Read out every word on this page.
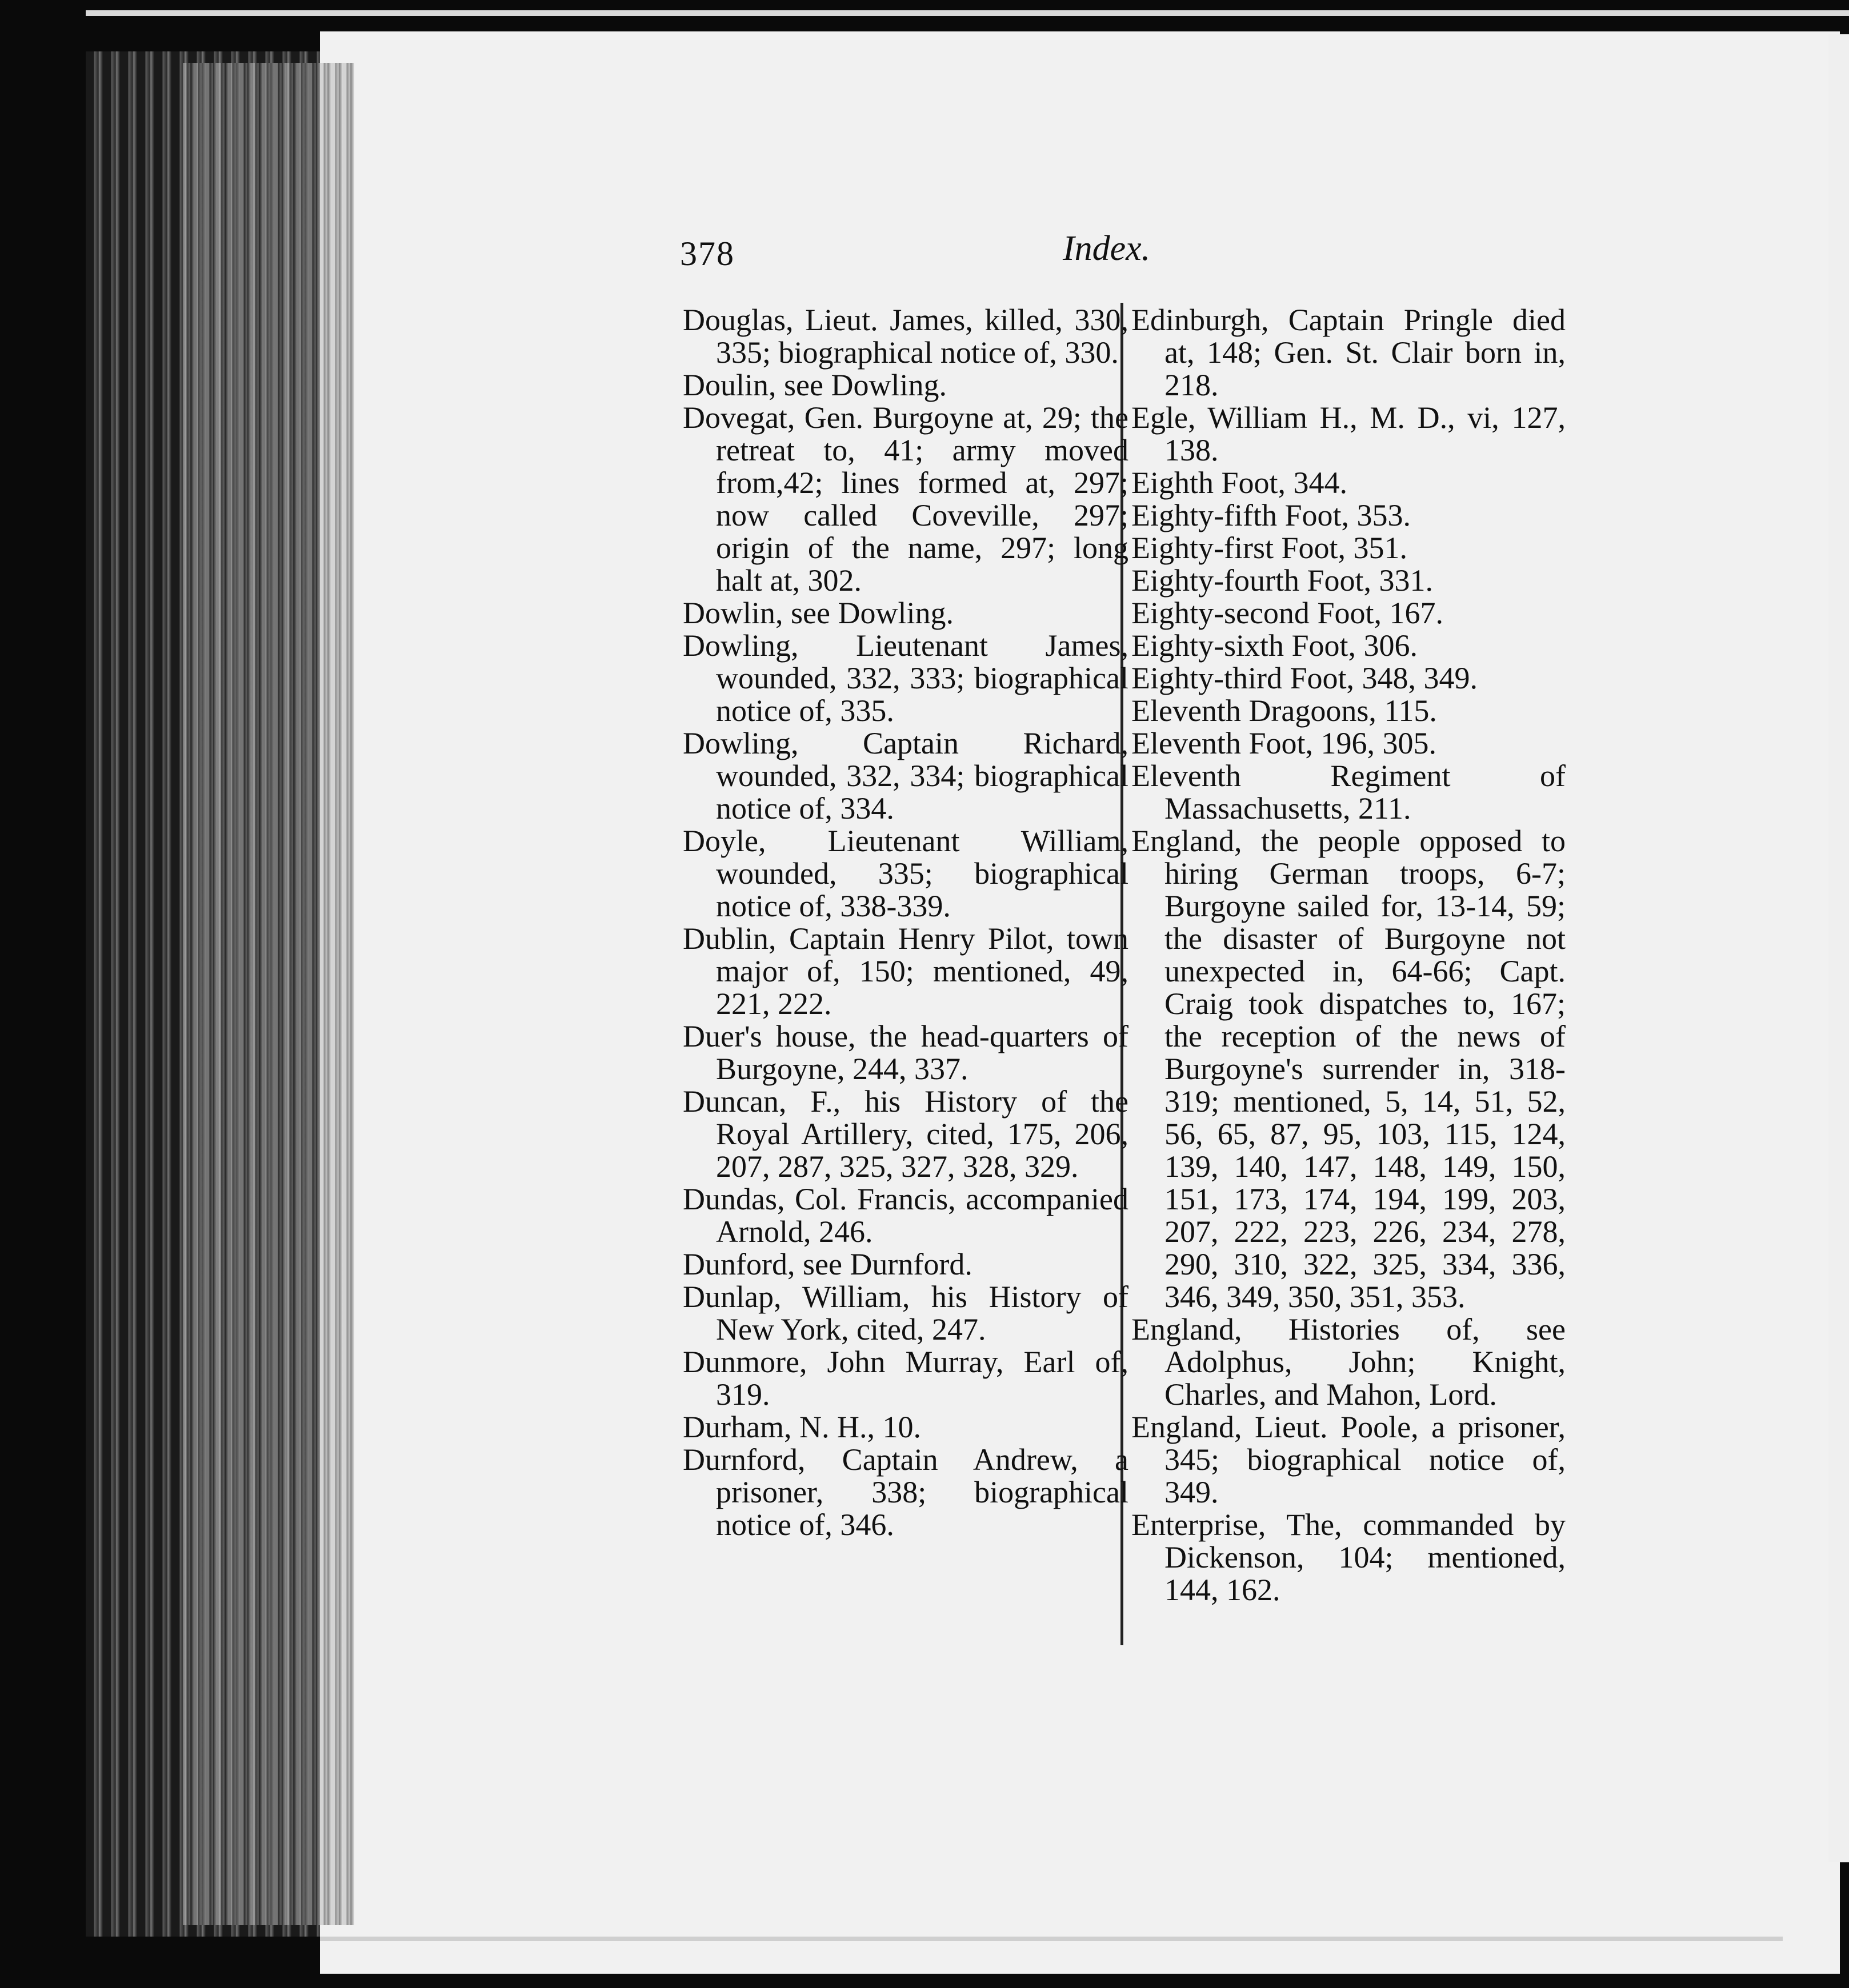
378	Index.

Douglas, Lieut. James, killed, 330, 335; biographical notice of, 330.

Doulin, see Dowling.

Dovegat, Gen. Burgoyne at, 29; the retreat to, 41; army moved from,42; lines formed at, 297; now called Coveville, 297; origin of the name, 297; long halt at, 302.

Dowlin, see Dowling.

Dowling, Lieutenant James, wounded, 332, 333; biographical notice of, 335.

Dowling, Captain Richard, wounded, 332, 334; biographical notice of, 334.

Doyle, Lieutenant William, wounded, 335; biographical notice of, 338-339.

Dublin, Captain Henry Pilot, town major of, 150; mentioned, 49, 221, 222.

Duer's house, the head-quarters of Burgoyne, 244, 337.

Duncan, F., his History of the Royal Artillery, cited, 175, 206, 207, 287, 325, 327, 328, 329.

Dundas, Col. Francis, accompanied Arnold, 246.

Dunford, see Durnford.

Dunlap, William, his History of New York, cited, 247.

Dunmore, John Murray, Earl of, 319.

Durham, N. H., 10.

Durnford, Captain Andrew, a prisoner, 338; biographical notice of, 346.

Edinburgh, Captain Pringle died at, 148; Gen. St. Clair born in, 218.

Egle, William H., M. D., vi, 127, 138.

Eighth Foot, 344.

Eighty-fifth Foot, 353.

Eighty-first Foot, 351.

Eighty-fourth Foot, 331.

Eighty-second Foot, 167.

Eighty-sixth Foot, 306.

Eighty-third Foot, 348, 349.

Eleventh Dragoons, 115.

Eleventh Foot, 196, 305.

Eleventh Regiment of Massachusetts, 211.

England, the people opposed to hiring German troops, 6-7; Burgoyne sailed for, 13-14, 59; the disaster of Burgoyne not unexpected in, 64-66; Capt. Craig took dispatches to, 167; the reception of the news of Burgoyne's surrender in, 318-319; mentioned, 5, 14, 51, 52, 56, 65, 87, 95, 103, 115, 124, 139, 140, 147, 148, 149, 150, 151, 173, 174, 194, 199, 203, 207, 222, 223, 226, 234, 278, 290, 310, 322, 325, 334, 336, 346, 349, 350, 351, 353.

England, Histories of, see Adolphus, John; Knight, Charles, and Mahon, Lord.

England, Lieut. Poole, a prisoner, 345; biographical notice of, 349.

Enterprise, The, commanded by Dickenson, 104; mentioned, 144, 162.
